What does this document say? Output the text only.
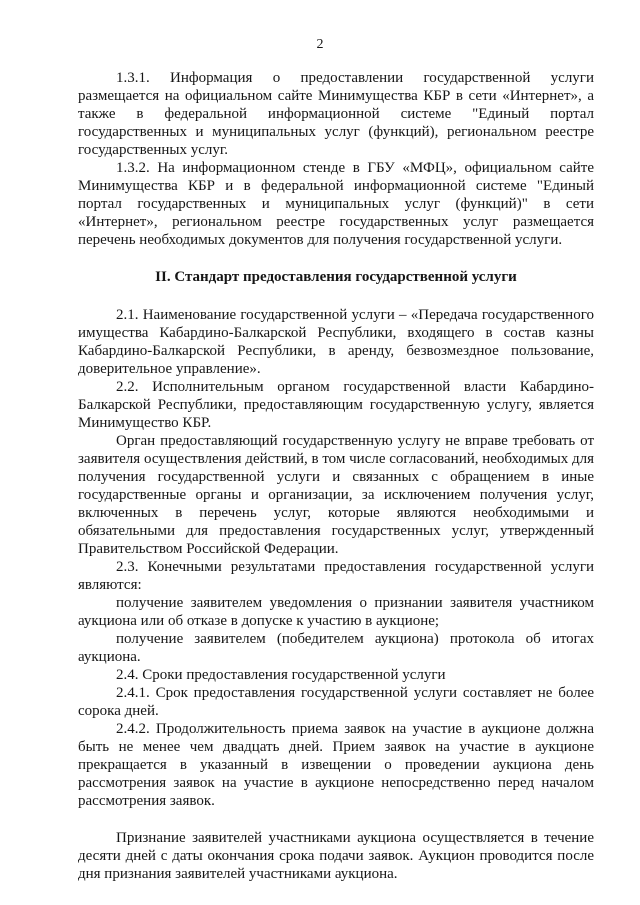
2

1.3.1. Информация о предоставлении государственной услуги размещается на официальном сайте Минимущества КБР в сети «Интернет», а также в федеральной информационной системе "Единый портал государственных и муниципальных услуг (функций), региональном реестре государственных услуг.

1.3.2. На информационном стенде в ГБУ «МФЦ», официальном сайте Минимущества КБР и в федеральной информационной системе "Единый портал государственных и муниципальных услуг (функций)" в сети «Интернет», региональном реестре государственных услуг размещается перечень необходимых документов для получения государственной услуги.

II. Стандарт предоставления государственной услуги

2.1. Наименование государственной услуги – «Передача государственного имущества Кабардино-Балкарской Республики, входящего в состав казны Кабардино-Балкарской Республики, в аренду, безвозмездное пользование, доверительное управление».

2.2. Исполнительным органом государственной власти Кабардино-Балкарской Республики, предоставляющим государственную услугу, является Минимущество КБР.

Орган предоставляющий государственную услугу не вправе требовать от заявителя осуществления действий, в том числе согласований, необходимых для получения государственной услуги и связанных с обращением в иные государственные органы и организации, за исключением получения услуг, включенных в перечень услуг, которые являются необходимыми и обязательными для предоставления государственных услуг, утвержденный Правительством Российской Федерации.

2.3. Конечными результатами предоставления государственной услуги являются:

получение заявителем уведомления о признании заявителя участником аукциона или об отказе в допуске к участию в аукционе;

получение заявителем (победителем аукциона) протокола об итогах аукциона.

2.4. Сроки предоставления государственной услуги

2.4.1. Срок предоставления государственной услуги составляет не более сорока дней.

2.4.2. Продолжительность приема заявок на участие в аукционе должна быть не менее чем двадцать дней. Прием заявок на участие в аукционе прекращается в указанный в извещении о проведении аукциона день рассмотрения заявок на участие в аукционе непосредственно перед началом рассмотрения заявок.

Признание заявителей участниками аукциона осуществляется в течение десяти дней с даты окончания срока подачи заявок. Аукцион проводится после дня признания заявителей участниками аукциона.
